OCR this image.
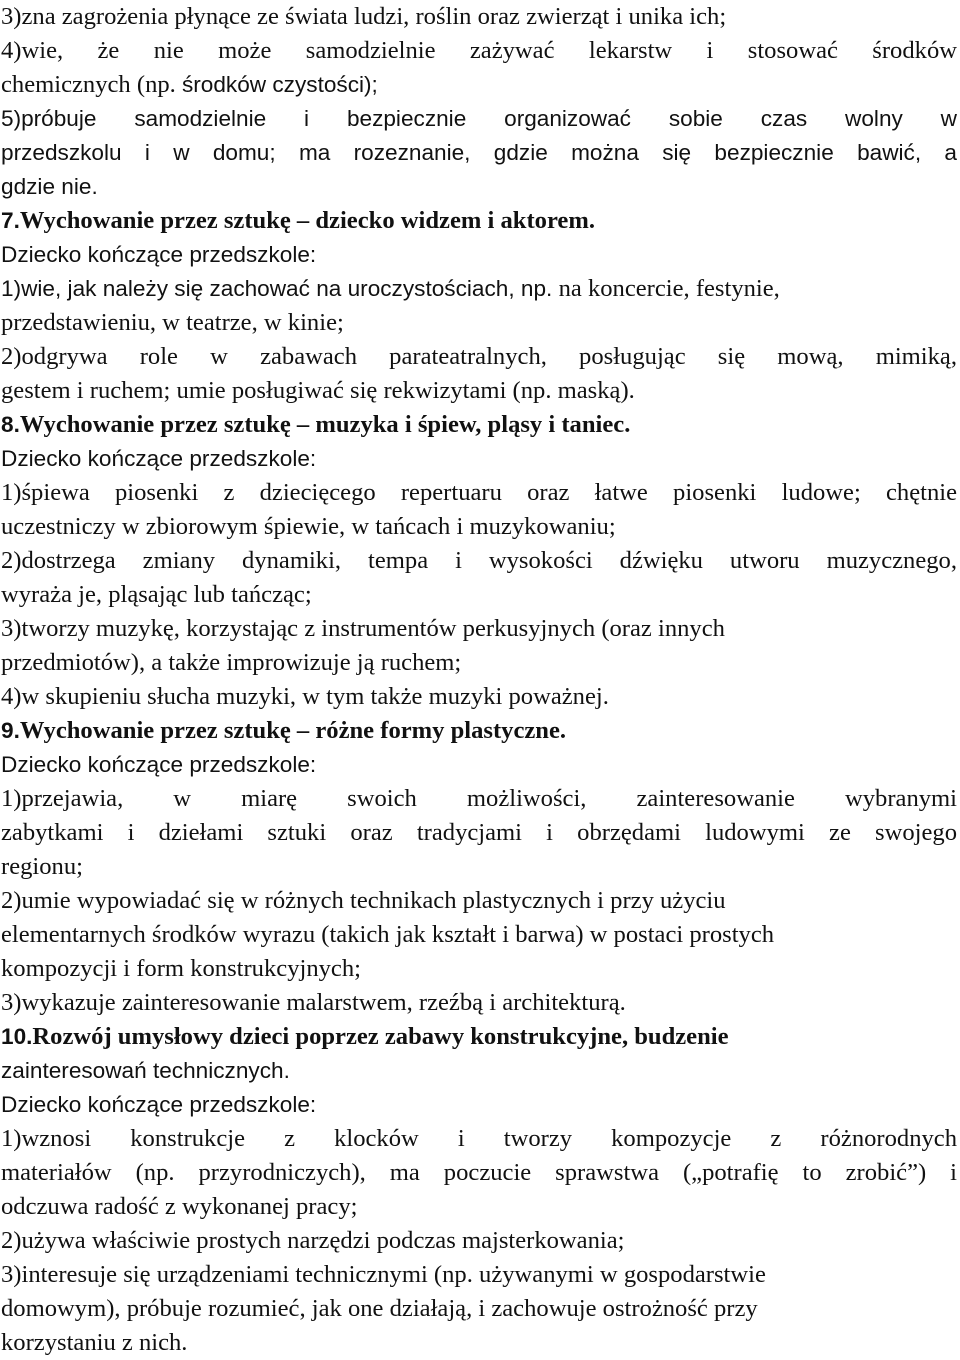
3)zna zagrożenia płynące ze świata ludzi, roślin oraz zwierząt i unika ich;
4)wie, że nie może samodzielnie zażywać lekarstw i stosować środków
chemicznych (np. środków czystości);
5)próbuje samodzielnie i bezpiecznie organizować sobie czas wolny w
przedszkolu i w domu; ma rozeznanie, gdzie można się bezpiecznie bawić, a
gdzie nie.
7.Wychowanie przez sztukę – dziecko widzem i aktorem.
Dziecko kończące przedszkole:
1)wie, jak należy się zachować na uroczystościach, np. na koncercie, festynie,
przedstawieniu, w teatrze, w kinie;
2)odgrywa role w zabawach parateatralnych, posługując się mową, mimiką,
gestem i ruchem; umie posługiwać się rekwizytami (np. maską).
8.Wychowanie przez sztukę – muzyka i śpiew, pląsy i taniec.
Dziecko kończące przedszkole:
1)śpiewa piosenki z dziecięcego repertuaru oraz łatwe piosenki ludowe; chętnie
uczestniczy w zbiorowym śpiewie, w tańcach i muzykowaniu;
2)dostrzega zmiany dynamiki, tempa i wysokości dźwięku utworu muzycznego,
wyraża je, pląsając lub tańcząc;
3)tworzy muzykę, korzystając z instrumentów perkusyjnych (oraz innych
przedmiotów), a także improwizuje ją ruchem;
4)w skupieniu słucha muzyki, w tym także muzyki poważnej.
9.Wychowanie przez sztukę – różne formy plastyczne.
Dziecko kończące przedszkole:
1)przejawia, w miarę swoich możliwości, zainteresowanie wybranymi
zabytkami i dziełami sztuki oraz tradycjami i obrzędami ludowymi ze swojego
regionu;
2)umie wypowiadać się w różnych technikach plastycznych i przy użyciu
elementarnych środków wyrazu (takich jak kształt i barwa) w postaci prostych
kompozycji i form konstrukcyjnych;
3)wykazuje zainteresowanie malarstwem, rzeźbą i architekturą.
10.Rozwój umysłowy dzieci poprzez zabawy konstrukcyjne, budzenie
zainteresowań technicznych.
Dziecko kończące przedszkole:
1)wznosi konstrukcje z klocków i tworzy kompozycje z różnorodnych
materiałów (np. przyrodniczych), ma poczucie sprawstwa („potrafię to zrobić”) i
odczuwa radość z wykonanej pracy;
2)używa właściwie prostych narzędzi podczas majsterkowania;
3)interesuje się urządzeniami technicznymi (np. używanymi w gospodarstwie
domowym), próbuje rozumieć, jak one działają, i zachowuje ostrożność przy
korzystaniu z nich.
